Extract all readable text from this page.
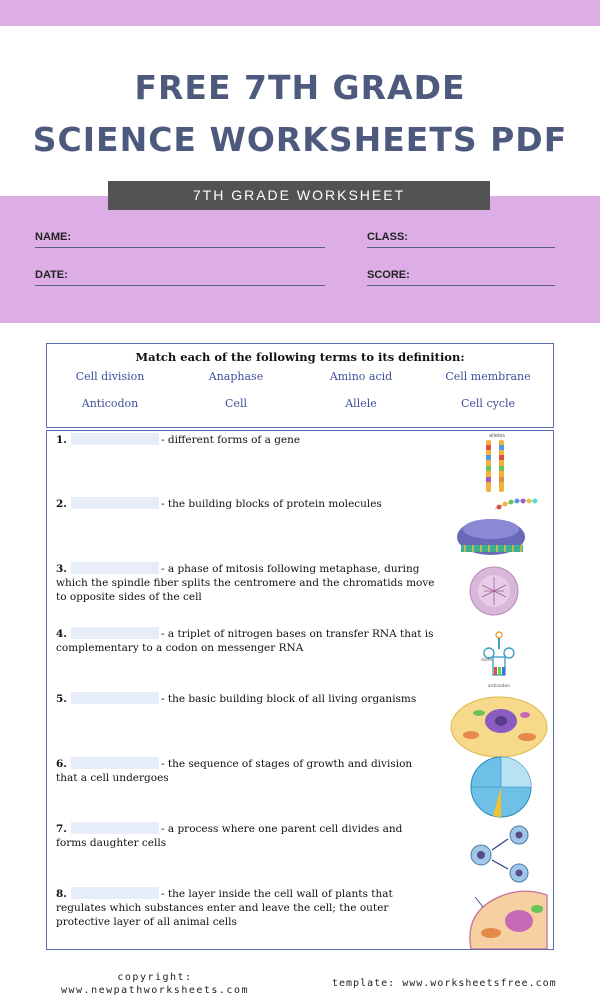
FREE 7TH GRADE
SCIENCE WORKSHEETS PDF
7TH GRADE WORKSHEET
NAME:	CLASS:
DATE:	SCORE:
Match each of the following terms to its definition:
Cell division	Anaphase	Amino acid	Cell membrane
Anticodon	Cell	Allele	Cell cycle
1.	- different forms of a gene
2.	- the building blocks of protein molecules
3.	- a phase of mitosis following metaphase, during which the spindle fiber splits the centromere and the chromatids move to opposite sides of the cell
4.	- a triplet of nitrogen bases on transfer RNA that is complementary to a codon on messenger RNA
5.	- the basic building block of all living organisms
6.	- the sequence of stages of growth and division that a cell undergoes
7.	- a process where one parent cell divides and forms daughter cells
8.	- the layer inside the cell wall of plants that regulates which substances enter and leave the cell; the outer protective layer of all animal cells
alleles
stem
anticodon
copyright:
www.newpathworksheets.com
template: www.worksheetsfree.com
